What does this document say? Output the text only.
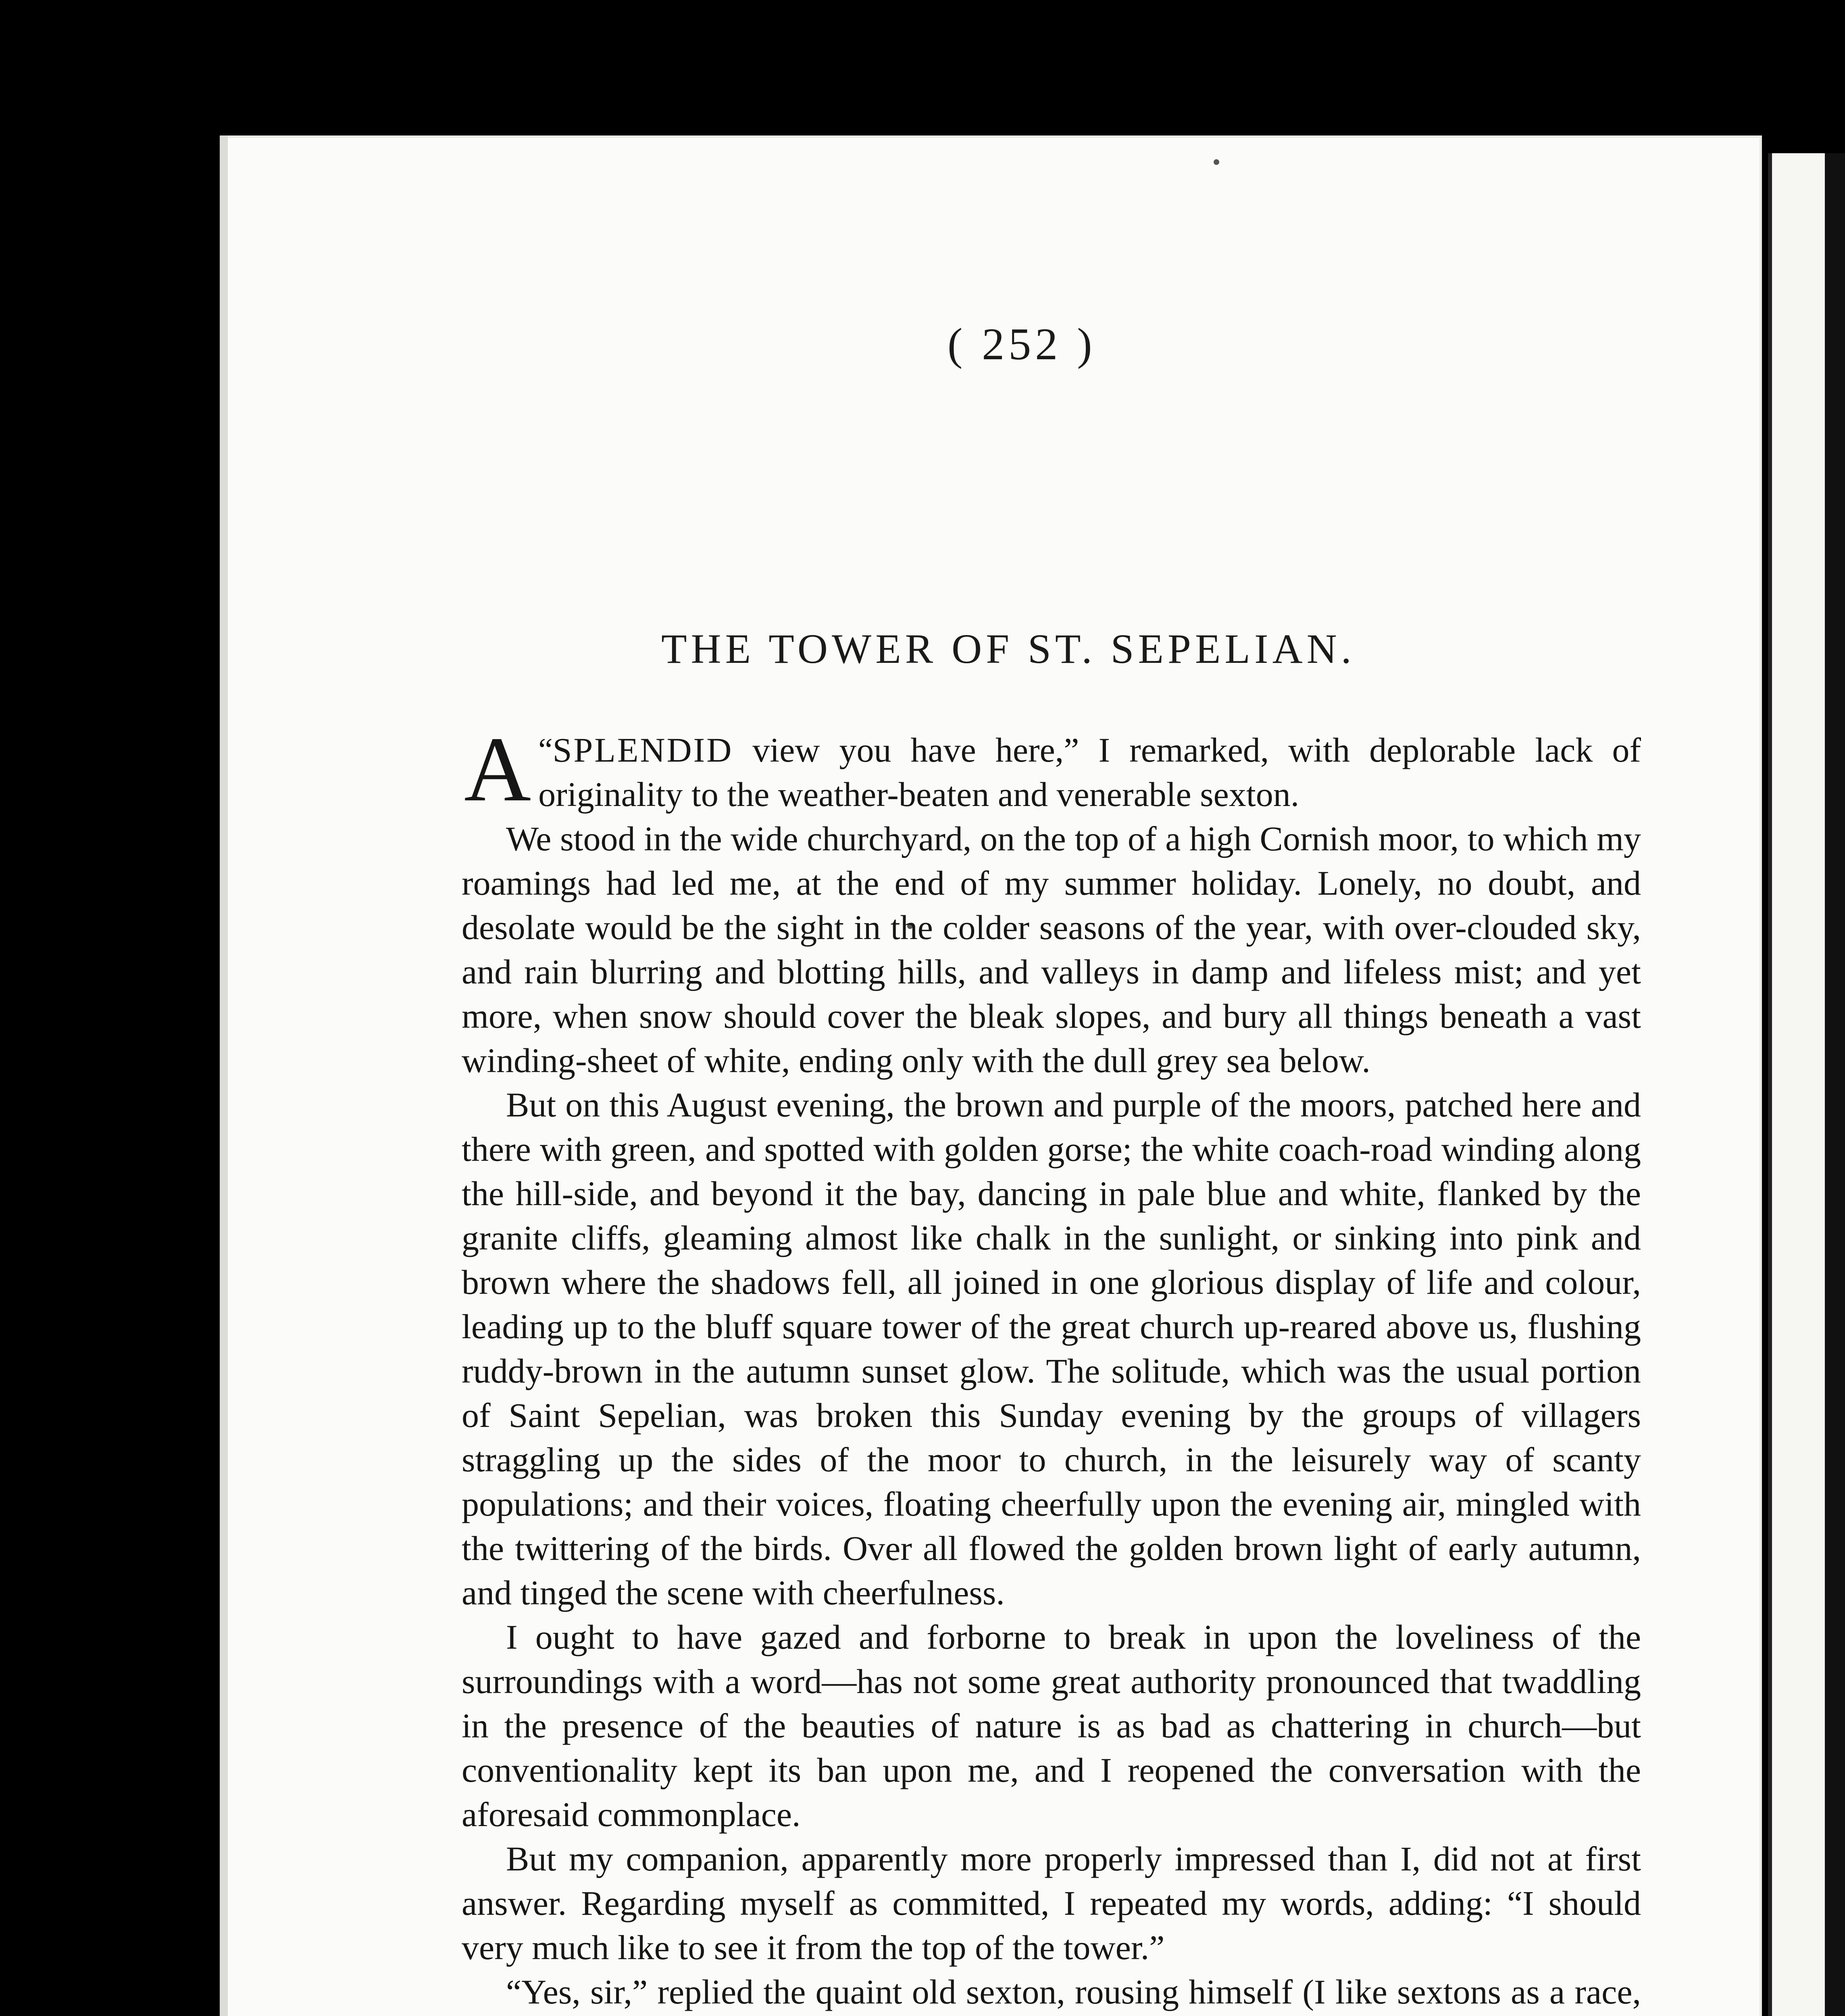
( 252 )
THE TOWER OF ST. SEPELIAN.

“
A SPLENDID view you have here,” I remarked, with deplorable lack of originality to the weather-beaten and venerable sexton.

We stood in the wide churchyard, on the top of a high Cornish moor, to which my roamings had led me, at the end of my summer holiday. Lonely, no doubt, and desolate would be the sight in the colder seasons of the year, with over-clouded sky, and rain blurring and blotting hills, and valleys in damp and lifeless mist; and yet more, when snow should cover the bleak slopes, and bury all things beneath a vast winding-sheet of white, ending only with the dull grey sea below.

But on this August evening, the brown and purple of the moors, patched here and there with green, and spotted with golden gorse; the white coach-road winding along the hill-side, and beyond it the bay, dancing in pale blue and white, flanked by the granite cliffs, gleaming almost like chalk in the sunlight, or sinking into pink and brown where the shadows fell, all joined in one glorious display of life and colour, leading up to the bluff square tower of the great church up-reared above us, flushing ruddy-brown in the autumn sunset glow. The solitude, which was the usual portion of Saint Sepelian, was broken this Sunday evening by the groups of villagers straggling up the sides of the moor to church, in the leisurely way of scanty populations; and their voices, floating cheerfully upon the evening air, mingled with the twittering of the birds. Over all flowed the golden brown light of early autumn, and tinged the scene with cheerfulness.

I ought to have gazed and forborne to break in upon the loveliness of the surroundings with a word—has not some great authority pronounced that twaddling in the presence of the beauties of nature is as bad as chattering in church—but conventionality kept its ban upon me, and I reopened the conversation with the aforesaid commonplace.

But my companion, apparently more properly impressed than I, did not at first answer. Regarding myself as committed, I repeated my words, adding: “I should very much like to see it from the top of the tower.”

“Yes, sir,” replied the quaint old sexton, rousing himself (I like sextons as a race,
